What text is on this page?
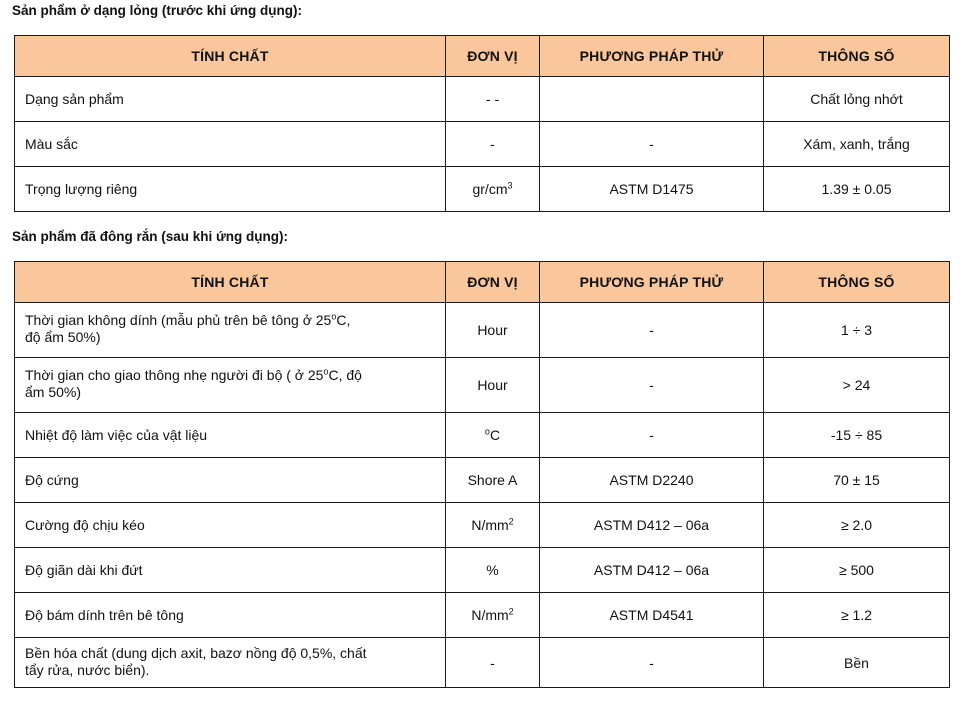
Sản phẩm ở dạng lỏng (trước khi ứng dụng):
TÍNH CHẤT	ĐƠN VỊ	PHƯƠNG PHÁP THỬ	THÔNG SỐ
Dạng sản phẩm	- -		Chất lỏng nhớt
Màu sắc	-	-	Xám, xanh, trắng
Trọng lượng riêng	$gr/cm^3$	ASTM D1475	1.39 ± 0.05
Sản phẩm đã đông rắn (sau khi ứng dụng):
TÍNH CHẤT	ĐƠN VỊ	PHƯƠNG PHÁP THỬ	THÔNG SỐ
Thời gian không dính (mẫu phủ trên bê tông ở 25$^o$C,
độ ẩm 50%)	Hour	-	1 ÷ 3
Thời gian cho giao thông nhẹ người đi bộ ( ở 25$^o$C, độ
ẩm 50%)	Hour	-	> 24
Nhiệt độ làm việc của vật liệu	$^o$C	-	-15 ÷ 85
Độ cứng	Shore A	ASTM D2240	70 ± 15
Cường độ chịu kéo	$N/mm^2$	ASTM D412 – 06a	≥ 2.0
Độ giãn dài khi đứt	%	ASTM D412 – 06a	≥ 500
Độ bám dính trên bê tông	$N/mm^2$	ASTM D4541	≥ 1.2
Bền hóa chất (dung dịch axit, bazơ nồng độ 0,5%, chất
tẩy rửa, nước biển).	-	-	Bền
